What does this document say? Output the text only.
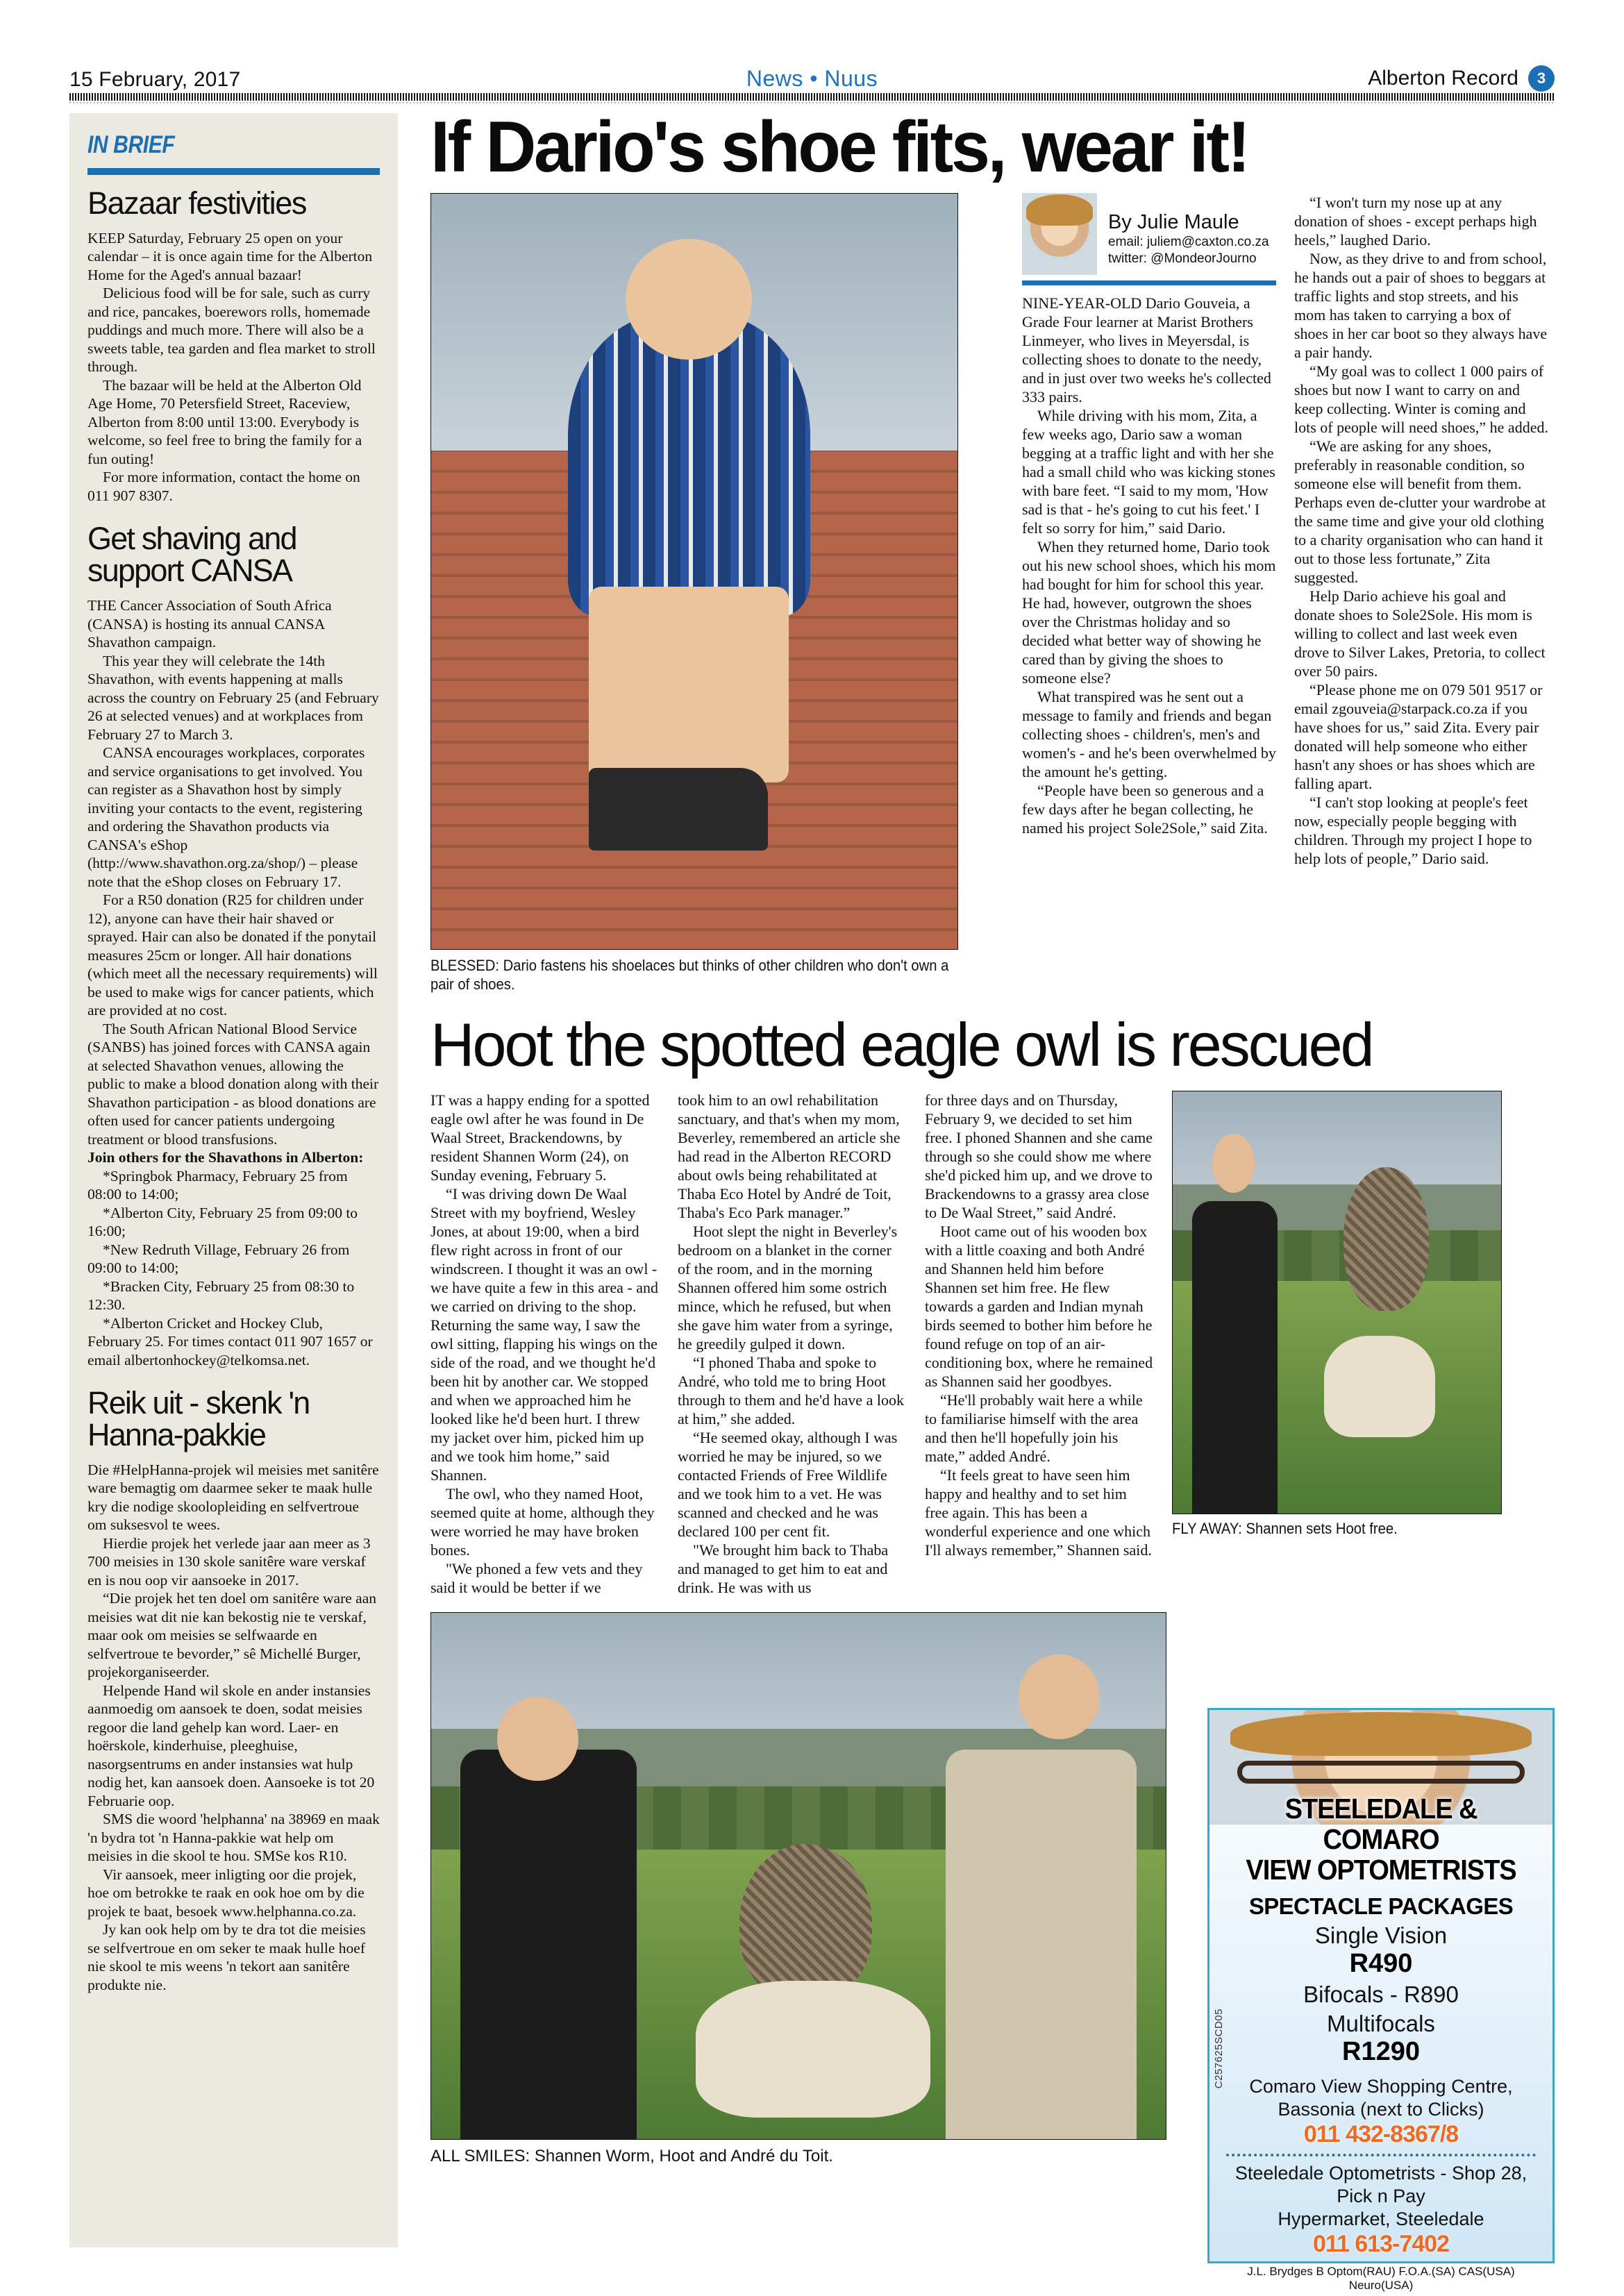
15 February, 2017	News • Nuus	Alberton Record	3
IN BRIEF
Bazaar festivities

KEEP Saturday, February 25 open on your calendar – it is once again time for the Alberton Home for the Aged's annual bazaar!

Delicious food will be for sale, such as curry and rice, pancakes, boerewors rolls, homemade puddings and much more. There will also be a sweets table, tea garden and flea market to stroll through.

The bazaar will be held at the Alberton Old Age Home, 70 Petersfield Street, Raceview, Alberton from 8:00 until 13:00. Everybody is welcome, so feel free to bring the family for a fun outing!

For more information, contact the home on 011 907 8307.

Get shaving and support CANSA

THE Cancer Association of South Africa (CANSA) is hosting its annual CANSA Shavathon campaign.

This year they will celebrate the 14th Shavathon, with events happening at malls across the country on February 25 (and February 26 at selected venues) and at workplaces from February 27 to March 3.

CANSA encourages workplaces, corporates and service organisations to get involved. You can register as a Shavathon host by simply inviting your contacts to the event, registering and ordering the Shavathon products via CANSA's eShop (http://www.shavathon.org.za/shop/) – please note that the eShop closes on February 17.

For a R50 donation (R25 for children under 12), anyone can have their hair shaved or sprayed. Hair can also be donated if the ponytail measures 25cm or longer. All hair donations (which meet all the necessary requirements) will be used to make wigs for cancer patients, which are provided at no cost.

The South African National Blood Service (SANBS) has joined forces with CANSA again at selected Shavathon venues, allowing the public to make a blood donation along with their Shavathon participation - as blood donations are often used for cancer patients undergoing treatment or blood transfusions.

Join others for the Shavathons in Alberton:

*Springbok Pharmacy, February 25 from 08:00 to 14:00;

*Alberton City, February 25 from 09:00 to 16:00;

*New Redruth Village, February 26 from 09:00 to 14:00;

*Bracken City, February 25 from 08:30 to 12:30.

*Alberton Cricket and Hockey Club, February 25. For times contact 011 907 1657 or email albertonhockey@telkomsa.net.

Reik uit - skenk 'n Hanna-pakkie

Die #HelpHanna-projek wil meisies met sanitêre ware bemagtig om daarmee seker te maak hulle kry die nodige skoolopleiding en selfvertroue om suksesvol te wees.

Hierdie projek het verlede jaar aan meer as 3 700 meisies in 130 skole sanitêre ware verskaf en is nou oop vir aansoeke in 2017.

“Die projek het ten doel om sanitêre ware aan meisies wat dit nie kan bekostig nie te verskaf, maar ook om meisies se selfwaarde en selfvertroue te bevorder,” sê Michellé Burger, projekorganiseerder.

Helpende Hand wil skole en ander instansies aanmoedig om aansoek te doen, sodat meisies regoor die land gehelp kan word. Laer- en hoërskole, kinderhuise, pleeghuise, nasorgsentrums en ander instansies wat hulp nodig het, kan aansoek doen. Aansoeke is tot 20 Februarie oop.

SMS die woord 'helphanna' na 38969 en maak 'n bydra tot 'n Hanna-pakkie wat help om meisies in die skool te hou. SMSe kos R10.

Vir aansoek, meer inligting oor die projek, hoe om betrokke te raak en ook hoe om by die projek te baat, besoek www.helphanna.co.za.

Jy kan ook help om by te dra tot die meisies se selfvertroue en om seker te maak hulle hoef nie skool te mis weens 'n tekort aan sanitêre produkte nie.

If Dario's shoe fits, wear it!
BLESSED: Dario fastens his shoelaces but thinks of other children who don't own a pair of shoes.
By Julie Maule
email: juliem@caxton.co.za
twitter: @MondeorJourno

NINE-YEAR-OLD Dario Gouveia, a Grade Four learner at Marist Brothers Linmeyer, who lives in Meyersdal, is collecting shoes to donate to the needy, and in just over two weeks he's collected 333 pairs.

While driving with his mom, Zita, a few weeks ago, Dario saw a woman begging at a traffic light and with her she had a small child who was kicking stones with bare feet. “I said to my mom, 'How sad is that - he's going to cut his feet.' I felt so sorry for him,” said Dario.

When they returned home, Dario took out his new school shoes, which his mom had bought for him for school this year. He had, however, outgrown the shoes over the Christmas holiday and so decided what better way of showing he cared than by giving the shoes to someone else?

What transpired was he sent out a message to family and friends and began collecting shoes - children's, men's and women's - and he's been overwhelmed by the amount he's getting.

“People have been so generous and a few days after he began collecting, he named his project Sole2Sole,” said Zita.

“I won't turn my nose up at any donation of shoes - except perhaps high heels,” laughed Dario.

Now, as they drive to and from school, he hands out a pair of shoes to beggars at traffic lights and stop streets, and his mom has taken to carrying a box of shoes in her car boot so they always have a pair handy.

“My goal was to collect 1 000 pairs of shoes but now I want to carry on and keep collecting. Winter is coming and lots of people will need shoes,” he added.

“We are asking for any shoes, preferably in reasonable condition, so someone else will benefit from them. Perhaps even de-clutter your wardrobe at the same time and give your old clothing to a charity organisation who can hand it out to those less fortunate,” Zita suggested.

Help Dario achieve his goal and donate shoes to Sole2Sole. His mom is willing to collect and last week even drove to Silver Lakes, Pretoria, to collect over 50 pairs.

“Please phone me on 079 501 9517 or email zgouveia@starpack.co.za if you have shoes for us,” said Zita. Every pair donated will help someone who either hasn't any shoes or has shoes which are falling apart.

“I can't stop looking at people's feet now, especially people begging with children. Through my project I hope to help lots of people,” Dario said.

Hoot the spotted eagle owl is rescued

IT was a happy ending for a spotted eagle owl after he was found in De Waal Street, Brackendowns, by resident Shannen Worm (24), on Sunday evening, February 5.

“I was driving down De Waal Street with my boyfriend, Wesley Jones, at about 19:00, when a bird flew right across in front of our windscreen. I thought it was an owl - we have quite a few in this area - and we carried on driving to the shop. Returning the same way, I saw the owl sitting, flapping his wings on the side of the road, and we thought he'd been hit by another car. We stopped and when we approached him he looked like he'd been hurt. I threw my jacket over him, picked him up and we took him home,” said Shannen.

The owl, who they named Hoot, seemed quite at home, although they were worried he may have broken bones.

"We phoned a few vets and they said it would be better if we

took him to an owl rehabilitation sanctuary, and that's when my mom, Beverley, remembered an article she had read in the Alberton RECORD about owls being rehabilitated at Thaba Eco Hotel by André de Toit, Thaba's Eco Park manager.”

Hoot slept the night in Beverley's bedroom on a blanket in the corner of the room, and in the morning Shannen offered him some ostrich mince, which he refused, but when she gave him water from a syringe, he greedily gulped it down.

“I phoned Thaba and spoke to André, who told me to bring Hoot through to them and he'd have a look at him,” she added.

“He seemed okay, although I was worried he may be injured, so we contacted Friends of Free Wildlife and we took him to a vet. He was scanned and checked and he was declared 100 per cent fit.

"We brought him back to Thaba and managed to get him to eat and drink. He was with us

for three days and on Thursday, February 9, we decided to set him free. I phoned Shannen and she came through so she could show me where she'd picked him up, and we drove to Brackendowns to a grassy area close to De Waal Street,” said André.

Hoot came out of his wooden box with a little coaxing and both André and Shannen held him before Shannen set him free. He flew towards a garden and Indian mynah birds seemed to bother him before he found refuge on top of an air-conditioning box, where he remained as Shannen said her goodbyes.

“He'll probably wait here a while to familiarise himself with the area and then he'll hopefully join his mate,” added André.

“It feels great to have seen him happy and healthy and to set him free again. This has been a wonderful experience and one which I'll always remember,” Shannen said.

FLY AWAY: Shannen sets Hoot free.
ALL SMILES: Shannen Worm, Hoot and André du Toit.
C257625SCD05
STEELEDALE & COMARO
VIEW OPTOMETRISTS
SPECTACLE PACKAGES
Single Vision
R490
Bifocals - R890
Multifocals
R1290
Comaro View Shopping Centre,
Bassonia (next to Clicks)
011 432-8367/8
Steeledale Optometrists - Shop 28, Pick n Pay
Hypermarket, Steeledale
011 613-7402
J.L. Brydges B Optom(RAU) F.O.A.(SA) CAS(USA) Neuro(USA)
